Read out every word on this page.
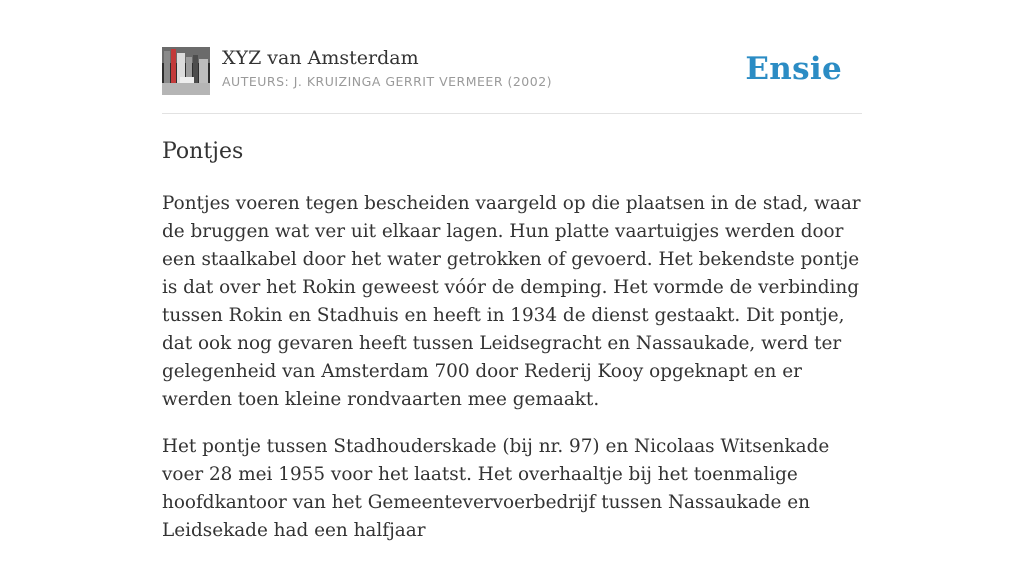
XYZ van Amsterdam
AUTEURS: J. KRUIZINGA GERRIT VERMEER (2002)	Ensie
Pontjes

Pontjes voeren tegen bescheiden vaargeld op die plaatsen in de stad, waar de bruggen wat ver uit elkaar lagen. Hun platte vaartuigjes werden door een staalkabel door het water getrokken of gevoerd. Het bekendste pontje is dat over het Rokin geweest vóór de demping. Het vormde de verbinding tussen Rokin en Stadhuis en heeft in 1934 de dienst gestaakt. Dit pontje, dat ook nog gevaren heeft tussen Leidsegracht en Nassaukade, werd ter gelegenheid van Amsterdam 700 door Rederij Kooy opgeknapt en er werden toen kleine rondvaarten mee gemaakt.

Het pontje tussen Stadhouderskade (bij nr. 97) en Nicolaas Witsenkade voer 28 mei 1955 voor het laatst. Het overhaaltje bij het toenmalige hoofdkantoor van het Gemeentevervoerbedrijf tussen Nassaukade en Leidsekade had een halfjaar
